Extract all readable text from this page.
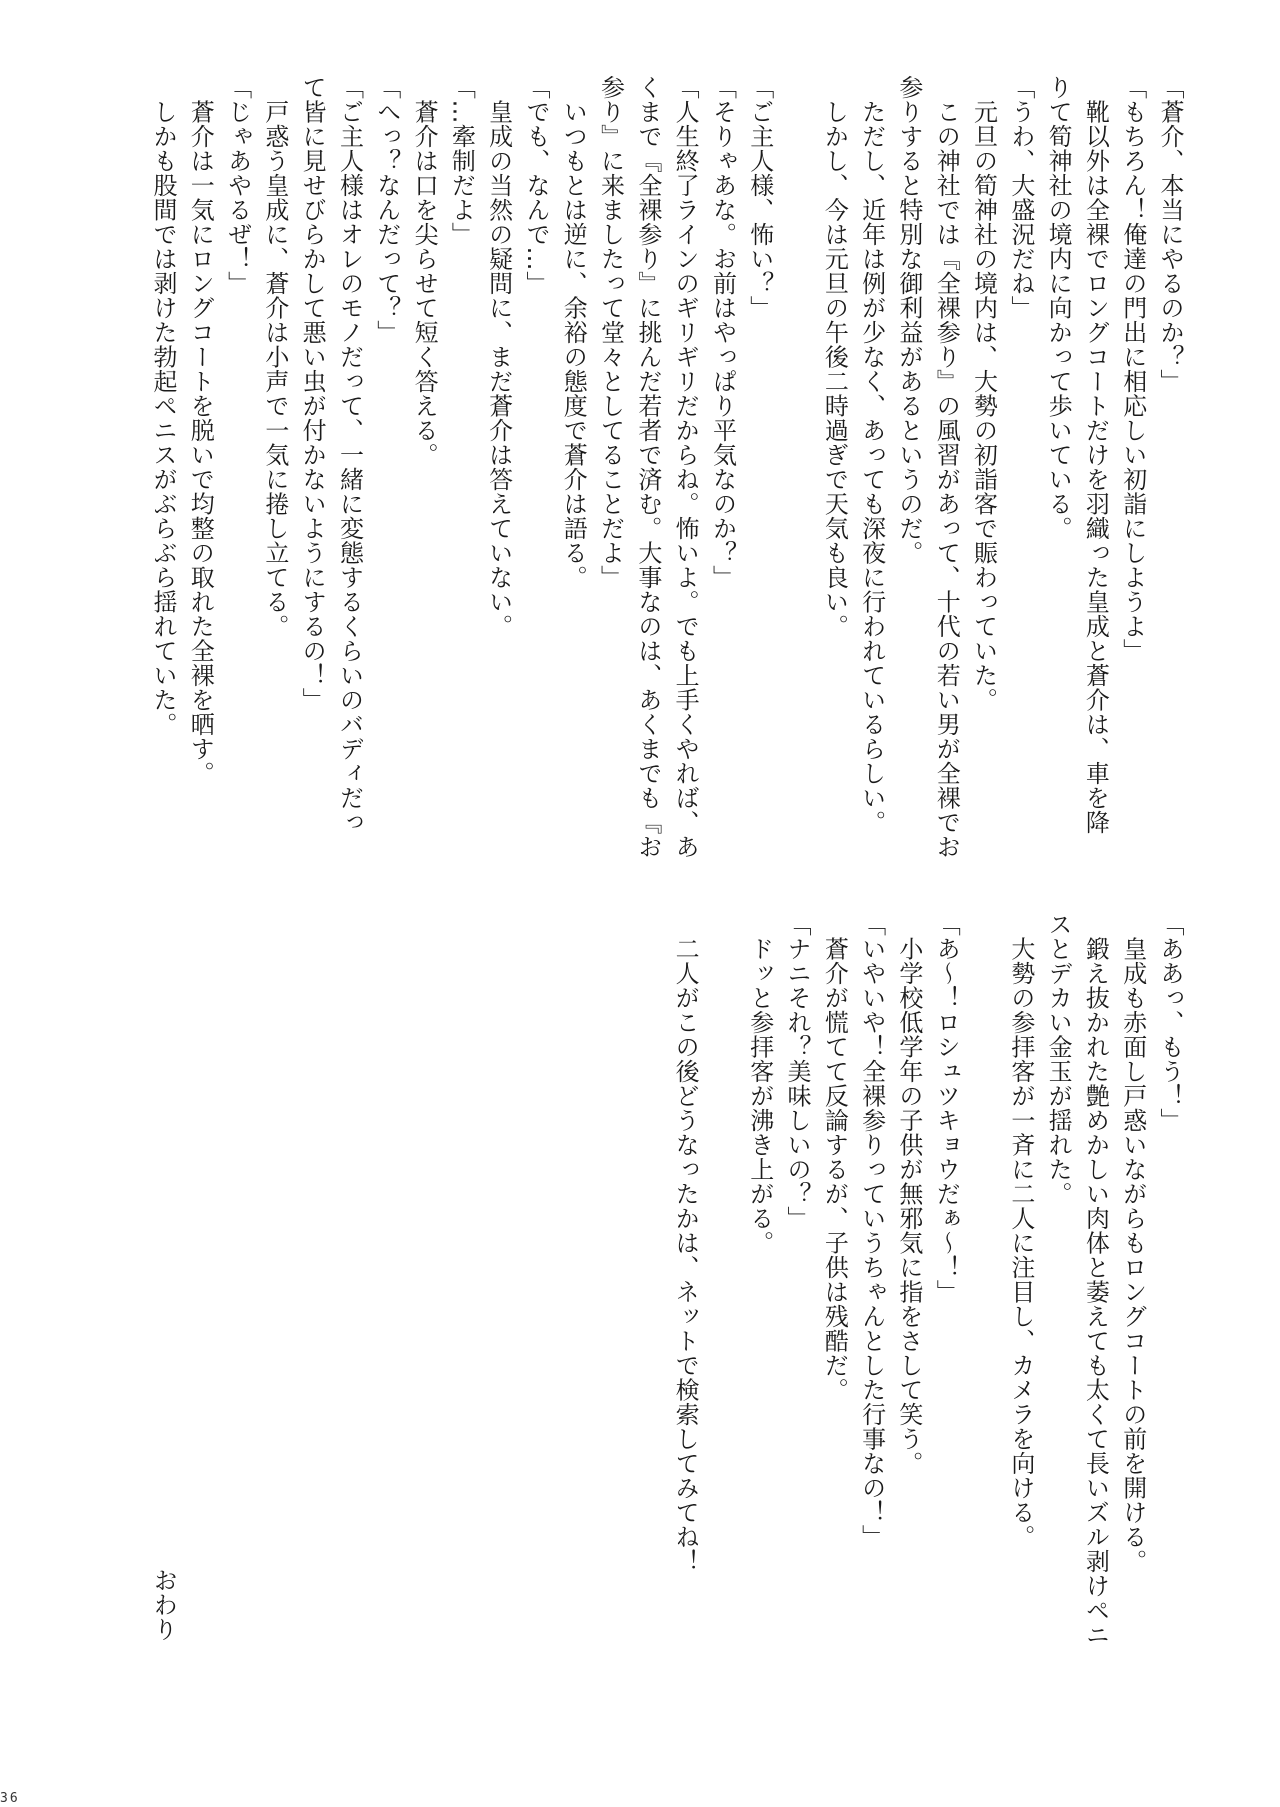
「蒼介、本当にやるのか？」
「もちろん！俺達の門出に相応しい初詣にしようよ」
　靴以外は全裸でロングコートだけを羽織った皇成と蒼介は、車を降
りて筍神社の境内に向かって歩いている。
「うわ、大盛況だね」
　元旦の筍神社の境内は、大勢の初詣客で賑わっていた。
　この神社では『全裸参り』の風習があって、十代の若い男が全裸でお
参りすると特別な御利益があるというのだ。
　ただし、近年は例が少なく、あっても深夜に行われているらしい。
　しかし、今は元旦の午後二時過ぎで天気も良い。
「ご主人様、怖い？」
「そりゃあな。お前はやっぱり平気なのか？」
「人生終了ラインのギリギリだからね。怖いよ。でも上手くやれば、あ
くまで『全裸参り』に挑んだ若者で済む。大事なのは、あくまでも『お
参り』に来ましたって堂々としてることだよ」
　いつもとは逆に、余裕の態度で蒼介は語る。
「でも、なんで…」
　皇成の当然の疑問に、まだ蒼介は答えていない。
「…牽制だよ」
　蒼介は口を尖らせて短く答える。
「へっ？なんだって？」
「ご主人様はオレのモノだって、一緒に変態するくらいのバディだっ
て皆に見せびらかして悪い虫が付かないようにするの！」
　戸惑う皇成に、蒼介は小声で一気に捲し立てる。
「じゃあやるぜ！」
　蒼介は一気にロングコートを脱いで均整の取れた全裸を晒す。
　しかも股間では剥けた勃起ペニスがぶらぶら揺れていた。
「ああっ、もう！」
　皇成も赤面し戸惑いながらもロングコートの前を開ける。
　鍛え抜かれた艶めかしい肉体と萎えても太くて長いズル剥けペニ
スとデカい金玉が揺れた。
　大勢の参拝客が一斉に二人に注目し、カメラを向ける。
「あ〜！ロシュツキョウだぁ〜！」
　小学校低学年の子供が無邪気に指をさして笑う。
「いやいや！全裸参りっていうちゃんとした行事なの！」
　蒼介が慌てて反論するが、子供は残酷だ。
「ナニそれ？美味しいの？」
　ドッと参拝客が沸き上がる。
　二人がこの後どうなったかは、ネットで検索してみてね！
おわり
36
